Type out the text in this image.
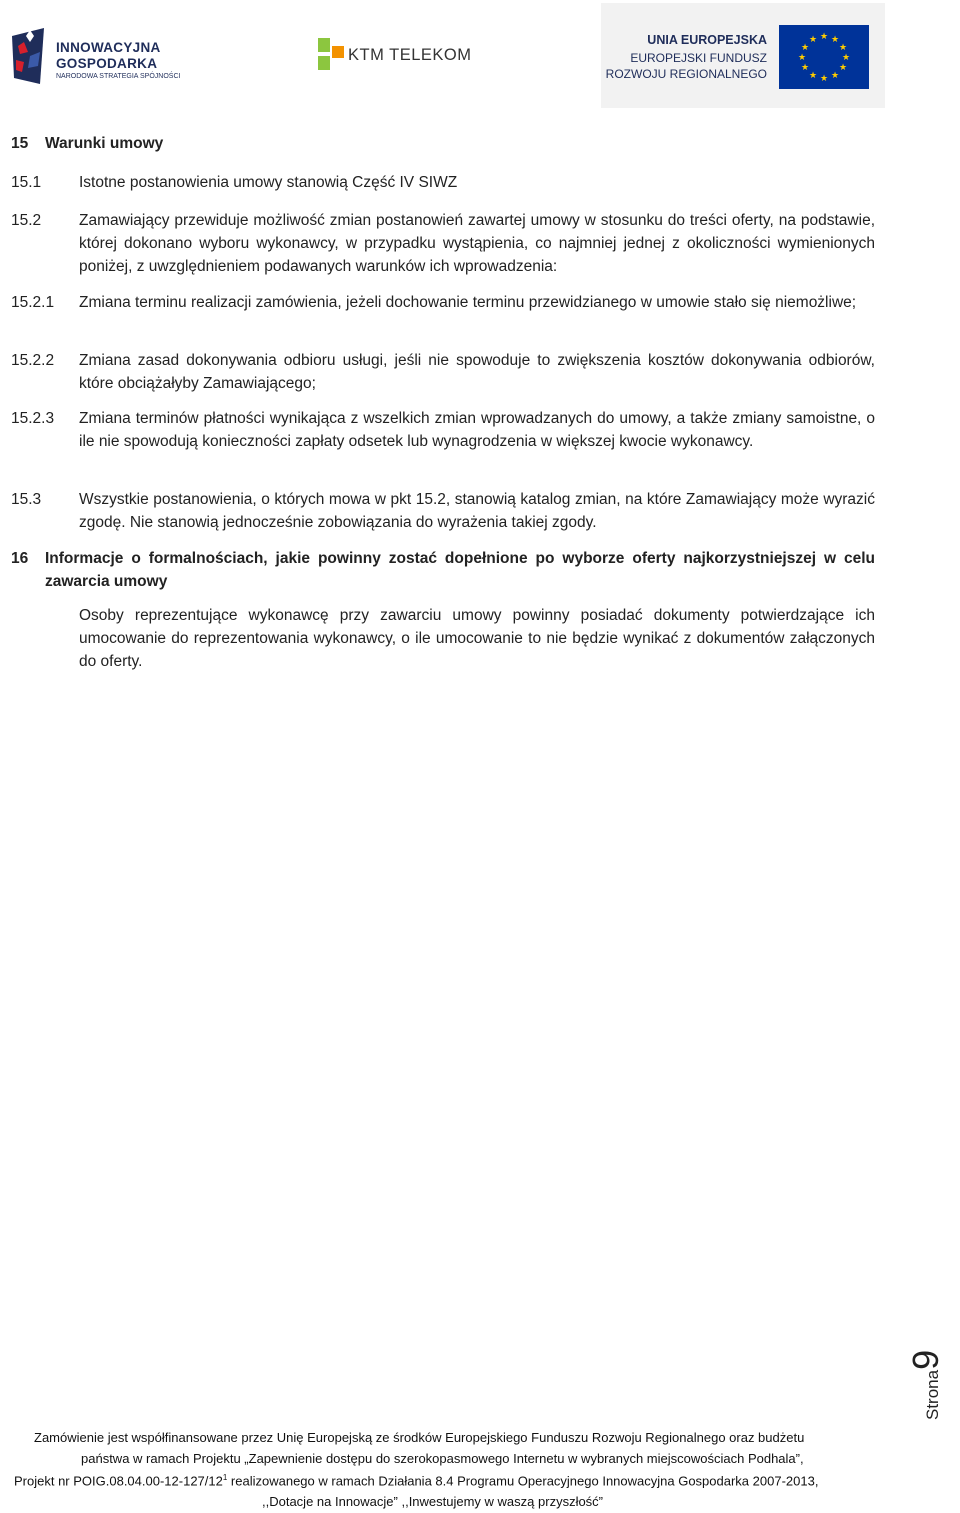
INNOWACYJNA
GOSPODARKA
NARODOWA STRATEGIA SPÓJNOŚCI
KTM TELEKOM
UNIA EUROPEJSKA
EUROPEJSKI FUNDUSZ
ROZWOJU REGIONALNEGO
★ ★
★
★
★
★
★
★
★
★
★
★
15 Warunki umowy
15.1 Istotne postanowienia umowy stanowią Część IV SIWZ
15.2 Zamawiający przewiduje możliwość zmian postanowień zawartej umowy w stosunku do treści oferty, na podstawie, której dokonano wyboru wykonawcy, w przypadku wystąpienia, co najmniej jednej z okoliczności wymienionych poniżej, z uwzględnieniem podawanych warunków ich wprowadzenia:
15.2.1 Zmiana terminu realizacji zamówienia, jeżeli dochowanie terminu przewidzianego w umowie stało się niemożliwe;
15.2.2 Zmiana zasad dokonywania odbioru usługi, jeśli nie spowoduje to zwiększenia kosztów dokonywania odbiorów, które obciążałyby Zamawiającego;
15.2.3 Zmiana terminów płatności wynikająca z wszelkich zmian wprowadzanych do umowy, a także zmiany samoistne, o ile nie spowodują konieczności zapłaty odsetek lub wynagrodzenia w większej kwocie wykonawcy.
15.3 Wszystkie postanowienia, o których mowa w pkt 15.2, stanowią katalog zmian, na które Zamawiający może wyrazić zgodę. Nie stanowią jednocześnie zobowiązania do wyrażenia takiej zgody.
16 Informacje o formalnościach, jakie powinny zostać dopełnione po wyborze oferty najkorzystniejszej w celu zawarcia umowy
Osoby reprezentujące wykonawcę przy zawarciu umowy powinny posiadać dokumenty potwierdzające ich umocowanie do reprezentowania wykonawcy, o ile umocowanie to nie będzie wynikać z dokumentów załączonych do oferty.
Strona9
Zamówienie jest współfinansowane przez Unię Europejską ze środków Europejskiego Funduszu Rozwoju Regionalnego oraz budżetu
państwa w ramach Projektu „Zapewnienie dostępu do szerokopasmowego Internetu w wybranych miejscowościach Podhala”,
Projekt nr $POIG.08.04.00-12-127/12^1$ realizowanego w ramach Działania 8.4 Programu Operacyjnego Innowacyjna Gospodarka 2007-2013,
,,Dotacje na Innowacje” ,,Inwestujemy w waszą przyszłość”
